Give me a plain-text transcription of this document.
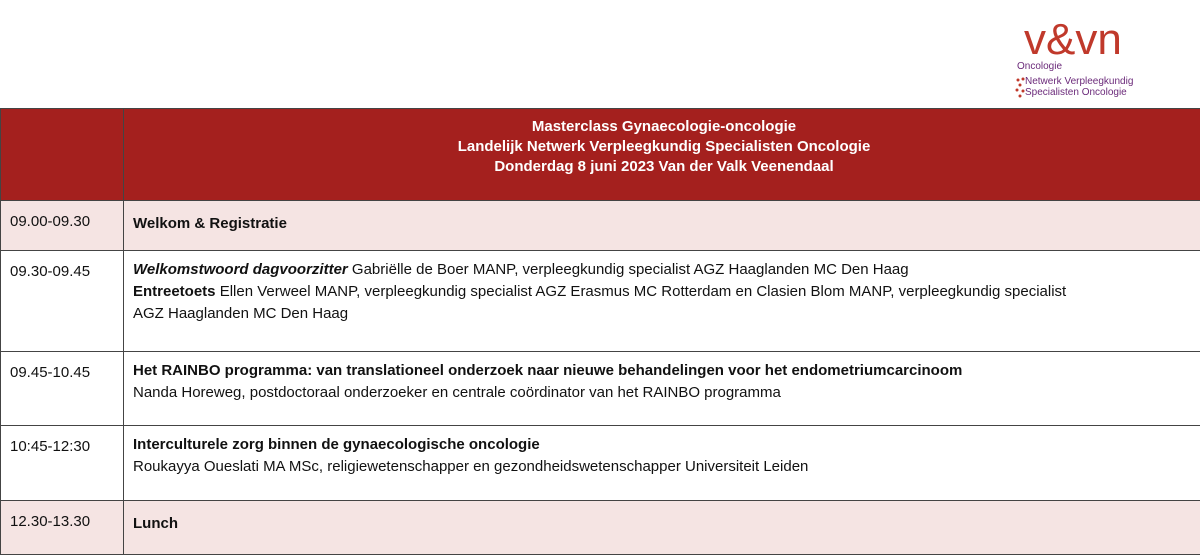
v&vn
Oncologie
Netwerk Verpleegkundig
Specialisten Oncologie

	Masterclass Gynaecologie-oncologie
Landelijk Netwerk Verpleegkundig Specialisten Oncologie
Donderdag 8 juni 2023 Van der Valk Veenendaal

09.00-09.30	Welkom & Registratie
09.30-09.45	Welkomstwoord dagvoorzitter Gabriëlle de Boer MANP, verpleegkundig specialist AGZ Haaglanden MC Den Haag
Entreetoets Ellen Verweel MANP, verpleegkundig specialist AGZ Erasmus MC Rotterdam en Clasien Blom MANP, verpleegkundig specialist
AGZ Haaglanden MC Den Haag

09.45-10.45	Het RAINBO programma: van translationeel onderzoek naar nieuwe behandelingen voor het endometriumcarcinoom
Nanda Horeweg, postdoctoraal onderzoeker en centrale coördinator van het RAINBO programma

10:45-12:30	Interculturele zorg binnen de gynaecologische oncologie
Roukayya Oueslati MA MSc, religiewetenschapper en gezondheidswetenschapper Universiteit Leiden

12.30-13.30	Lunch
